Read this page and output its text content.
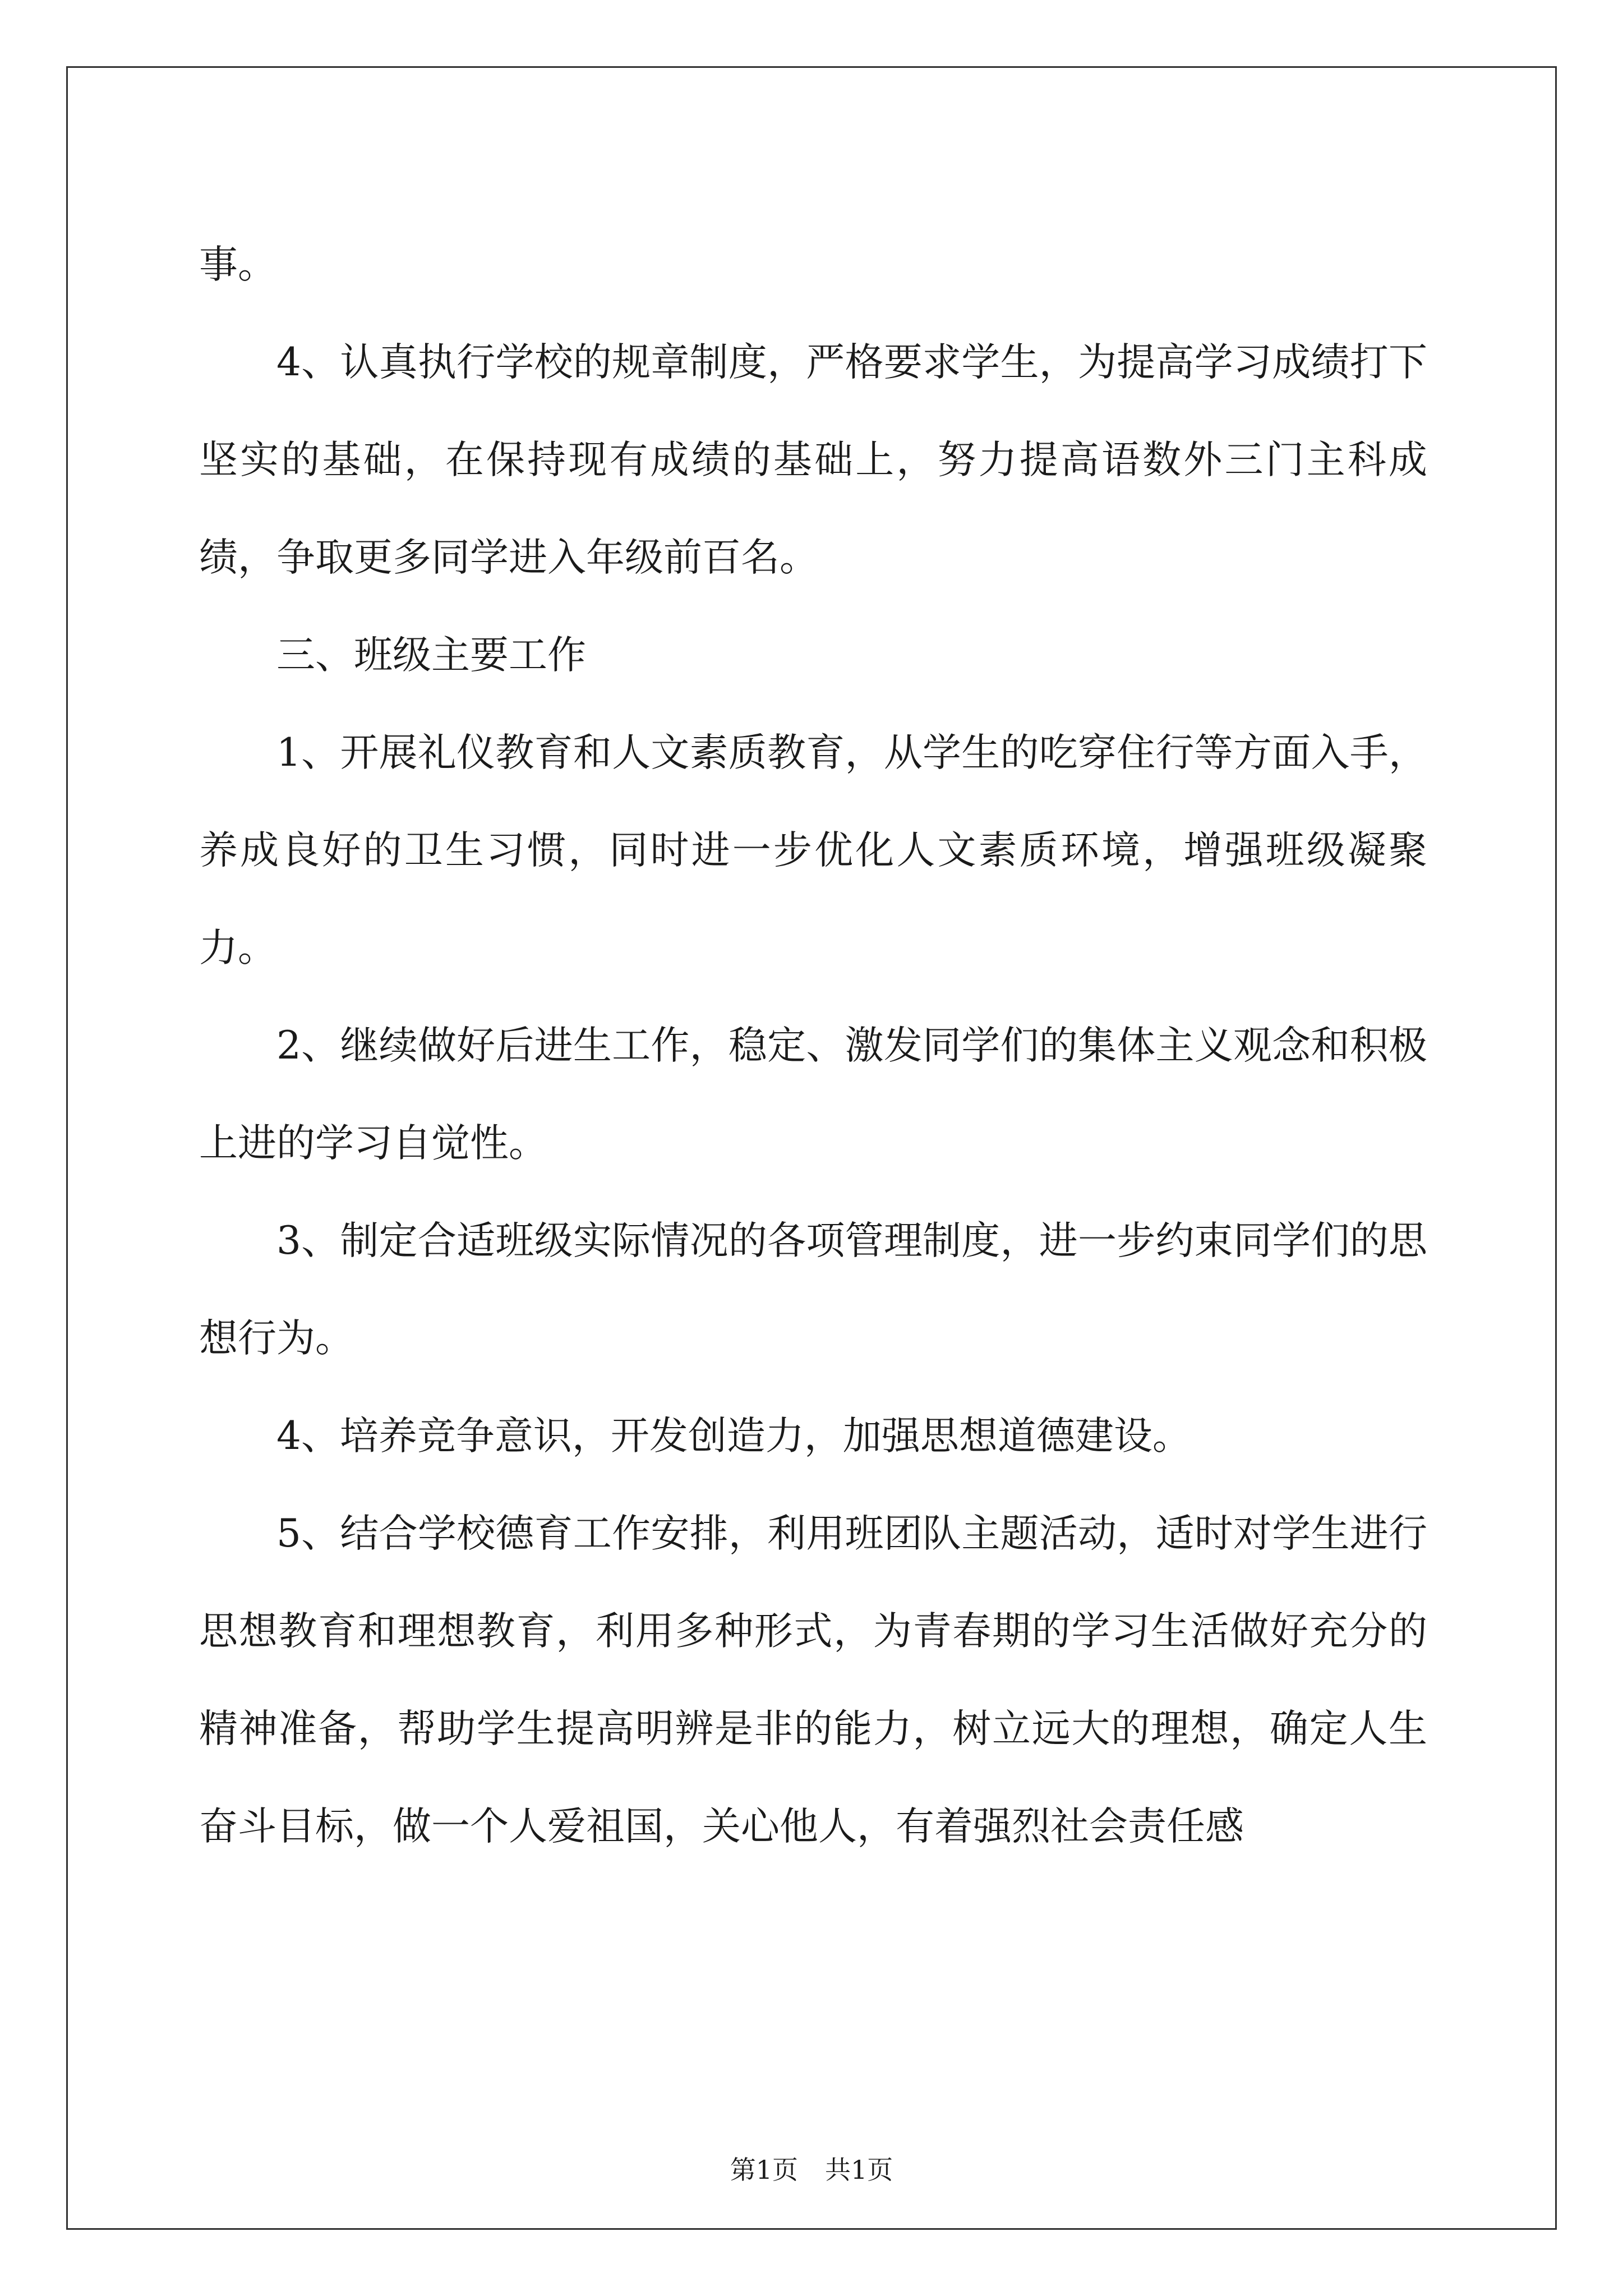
事。

4、认真执行学校的规章制度，严格要求学生，为提高学习成绩打下坚实的基础，在保持现有成绩的基础上，努力提高语数外三门主科成绩，争取更多同学进入年级前百名。

三、班级主要工作

1、开展礼仪教育和人文素质教育，从学生的吃穿住行等方面入手，养成良好的卫生习惯，同时进一步优化人文素质环境，增强班级凝聚力。

2、继续做好后进生工作，稳定、激发同学们的集体主义观念和积极上进的学习自觉性。

3、制定合适班级实际情况的各项管理制度，进一步约束同学们的思想行为。

4、培养竞争意识，开发创造力，加强思想道德建设。

5、结合学校德育工作安排，利用班团队主题活动，适时对学生进行思想教育和理想教育，利用多种形式，为青春期的学习生活做好充分的精神准备，帮助学生提高明辨是非的能力，树立远大的理想，确定人生奋斗目标，做一个人爱祖国，关心他人，有着强烈社会责任感

第1页 共1页
